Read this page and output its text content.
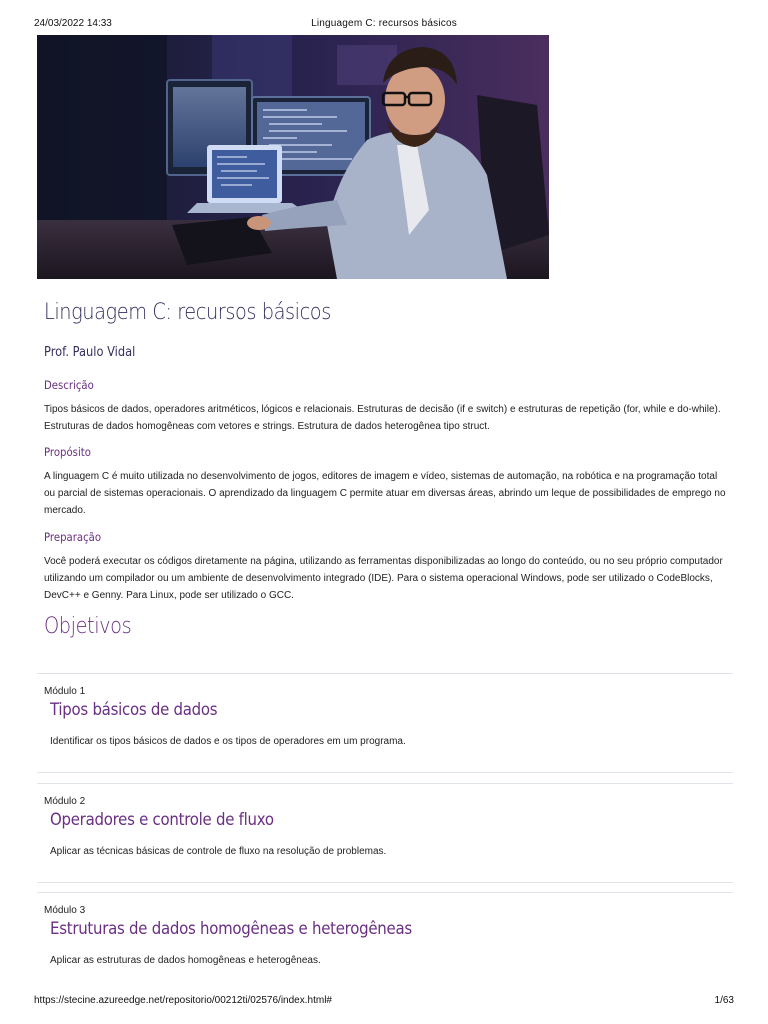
24/03/2022 14:33	Linguagem C: recursos básicos
Linguagem C: recursos básicos
Prof. Paulo Vidal
Descrição

Tipos básicos de dados, operadores aritméticos, lógicos e relacionais. Estruturas de decisão (if e switch) e estruturas de repetição (for, while e do-while). Estruturas de dados homogêneas com vetores e strings. Estrutura de dados heterogênea tipo struct.

Propósito

A linguagem C é muito utilizada no desenvolvimento de jogos, editores de imagem e vídeo, sistemas de automação, na robótica e na programação total ou parcial de sistemas operacionais. O aprendizado da linguagem C permite atuar em diversas áreas, abrindo um leque de possibilidades de emprego no mercado.

Preparação

Você poderá executar os códigos diretamente na página, utilizando as ferramentas disponibilizadas ao longo do conteúdo, ou no seu próprio computador utilizando um compilador ou um ambiente de desenvolvimento integrado (IDE). Para o sistema operacional Windows, pode ser utilizado o CodeBlocks, DevC++ e Genny. Para Linux, pode ser utilizado o GCC.

Objetivos
Módulo 1
Tipos básicos de dados
Identificar os tipos básicos de dados e os tipos de operadores em um programa.
Módulo 2
Operadores e controle de fluxo
Aplicar as técnicas básicas de controle de fluxo na resolução de problemas.
Módulo 3
Estruturas de dados homogêneas e heterogêneas
Aplicar as estruturas de dados homogêneas e heterogêneas.
https://stecine.azureedge.net/repositorio/00212ti/02576/index.html#	1/63
